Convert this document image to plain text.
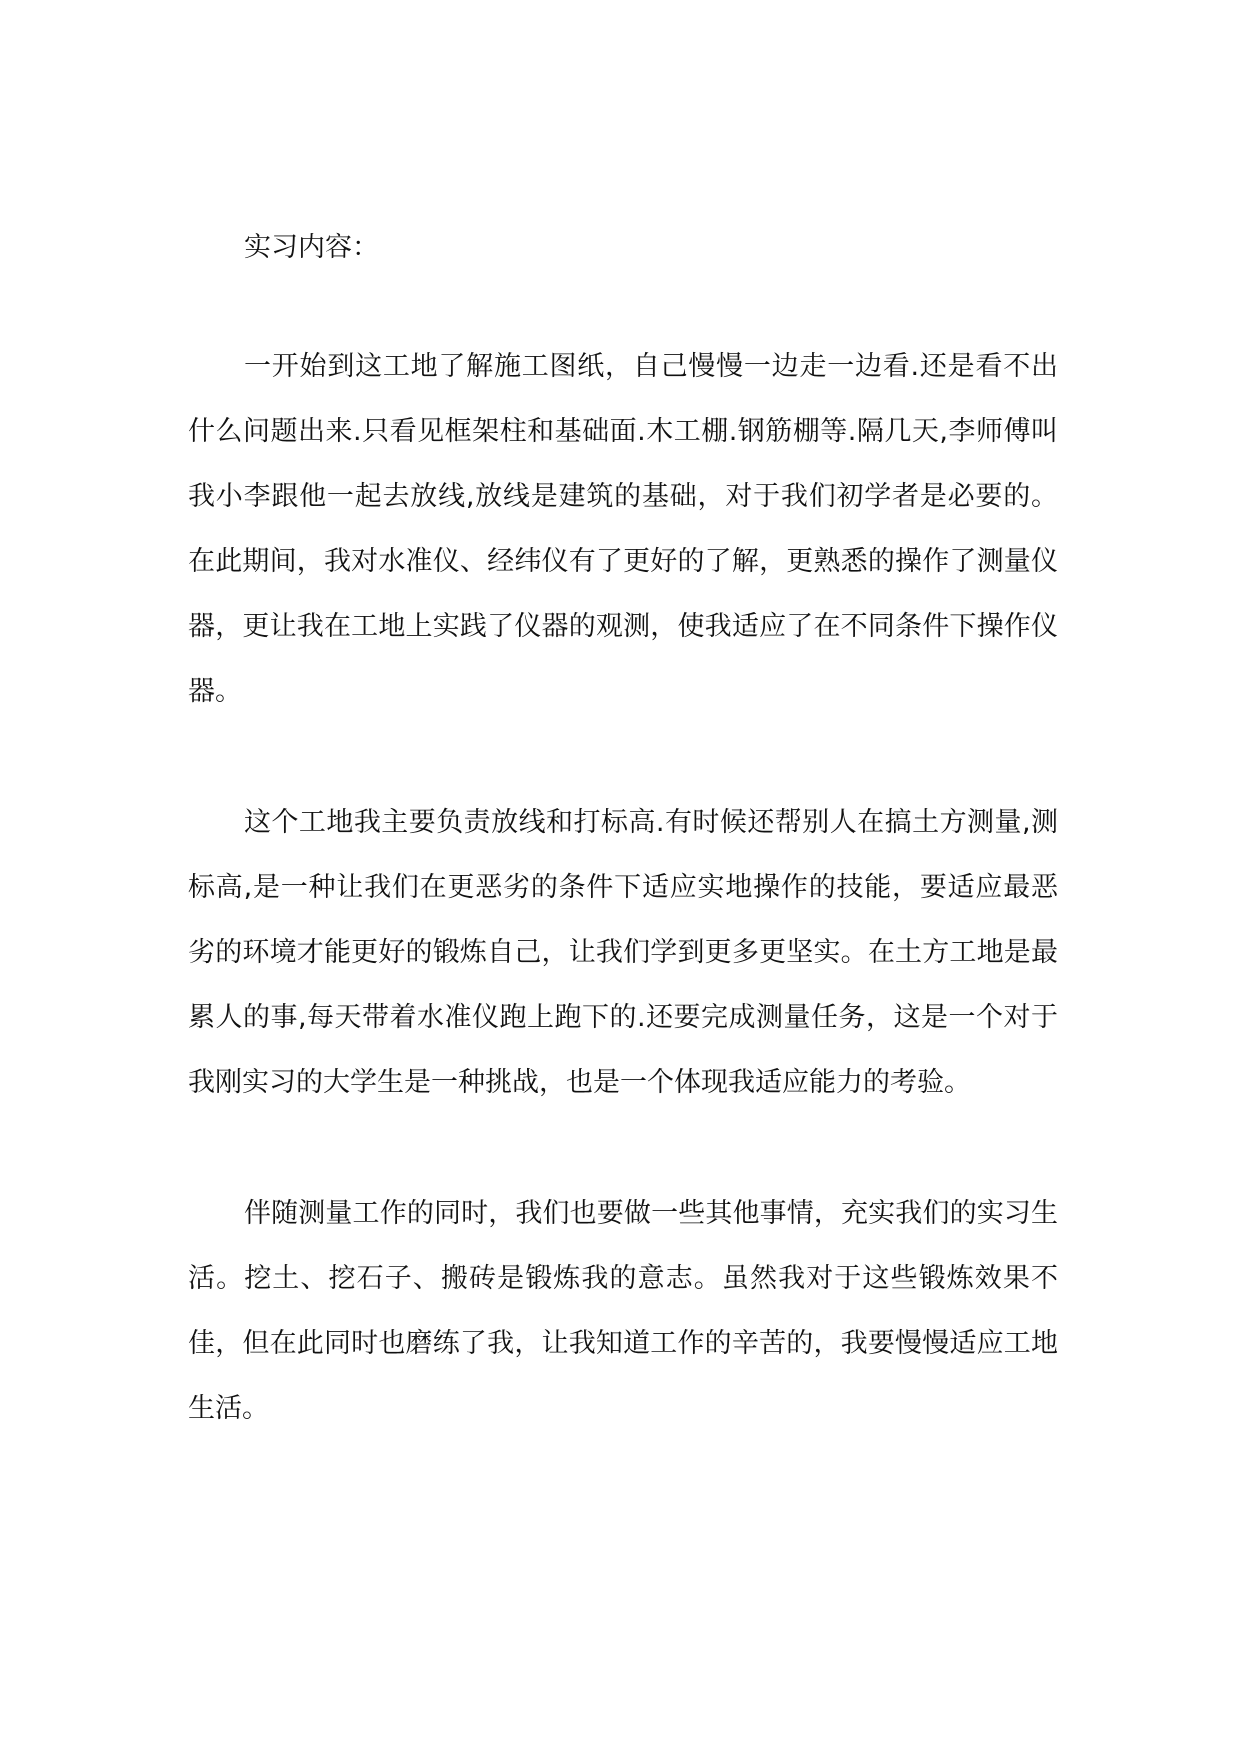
实习内容：

一开始到这工地了解施工图纸，自己慢慢一边走一边看.还是看不出什么问题出来.只看见框架柱和基础面.木工棚.钢筋棚等.隔几天,李师傅叫我小李跟他一起去放线,放线是建筑的基础，对于我们初学者是必要的。在此期间，我对水准仪、经纬仪有了更好的了解，更熟悉的操作了测量仪器，更让我在工地上实践了仪器的观测，使我适应了在不同条件下操作仪器。

这个工地我主要负责放线和打标高.有时候还帮别人在搞土方测量,测标高,是一种让我们在更恶劣的条件下适应实地操作的技能，要适应最恶劣的环境才能更好的锻炼自己，让我们学到更多更坚实。在土方工地是最累人的事,每天带着水准仪跑上跑下的.还要完成测量任务，这是一个对于我刚实习的大学生是一种挑战，也是一个体现我适应能力的考验。

伴随测量工作的同时，我们也要做一些其他事情，充实我们的实习生活。挖土、挖石子、搬砖是锻炼我的意志。虽然我对于这些锻炼效果不佳，但在此同时也磨练了我，让我知道工作的辛苦的，我要慢慢适应工地生活。
